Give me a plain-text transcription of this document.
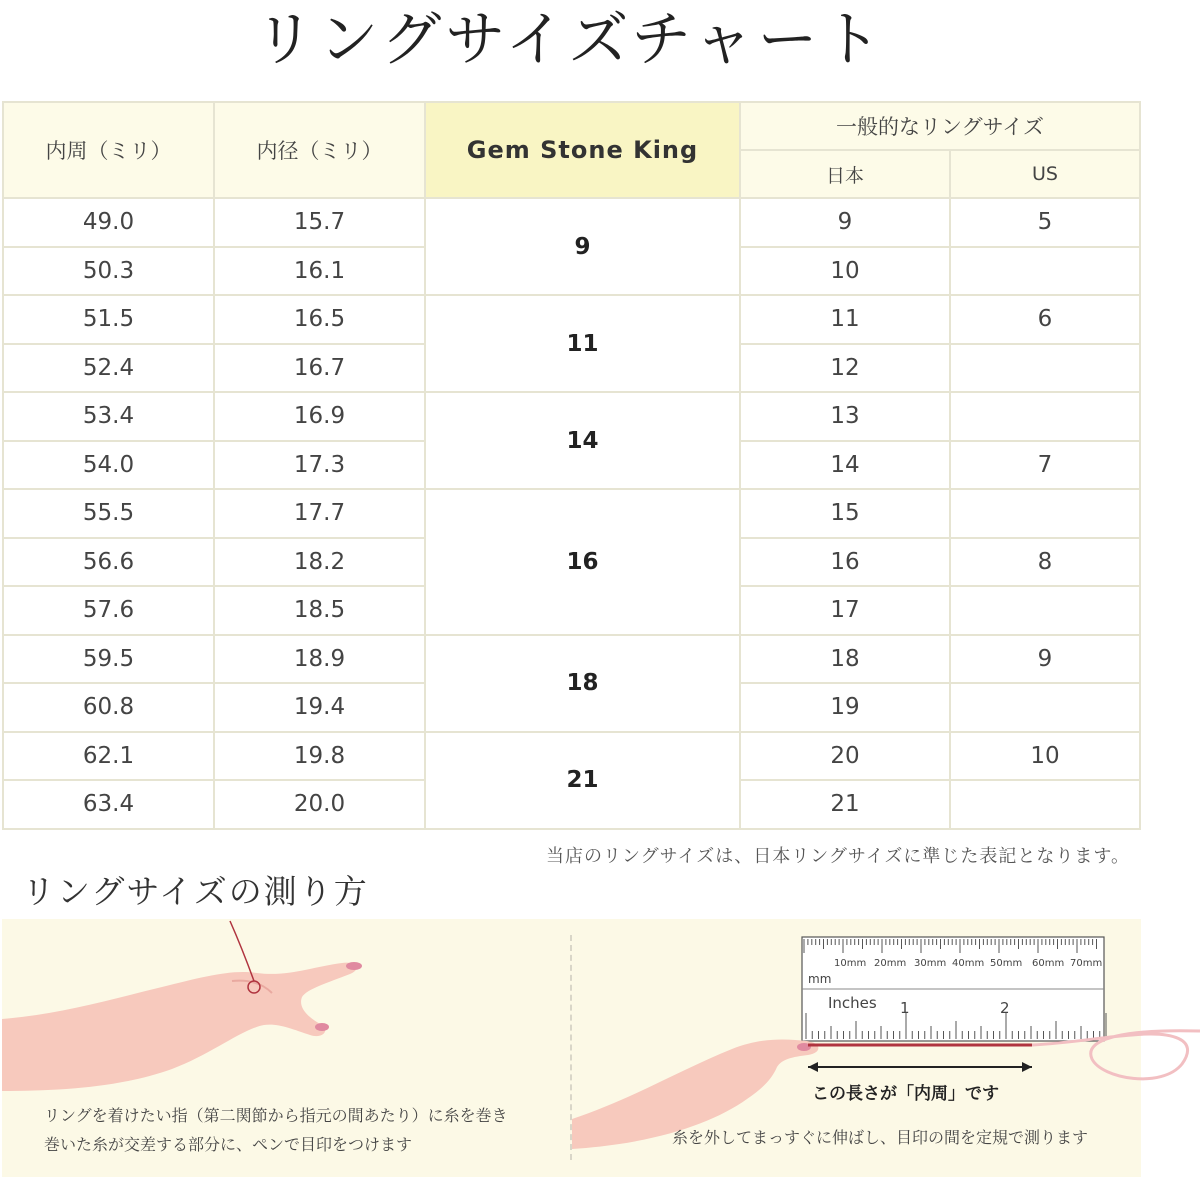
リングサイズチャート
内周（ミリ）	内径（ミリ）	Gem Stone King	一般的なリングサイズ	
			日本	US
49.0	15.7	9	9	5
50.3	16.1		10	
51.5	16.5	11	11	6
52.4	16.7		12	
53.4	16.9	14	13	
54.0	17.3		14	7
55.5	17.7	16	15	
56.6	18.2		16	8
57.6	18.5		17	
59.5	18.9	18	18	9
60.8	19.4		19	
62.1	19.8	21	20	10
63.4	20.0		21	
当店のリングサイズは、日本リングサイズに準じた表記となります。
リングサイズの測り方
リングを着けたい指（第二関節から指元の間あたり）に糸を巻き
巻いた糸が交差する部分に、ペンで目印をつけます
10mm 20mm 30mm 40mm 50mm 60mm 70mm
mm
Inches 1	2
この長さが「内周」です
糸を外してまっすぐに伸ばし、目印の間を定規で測ります
